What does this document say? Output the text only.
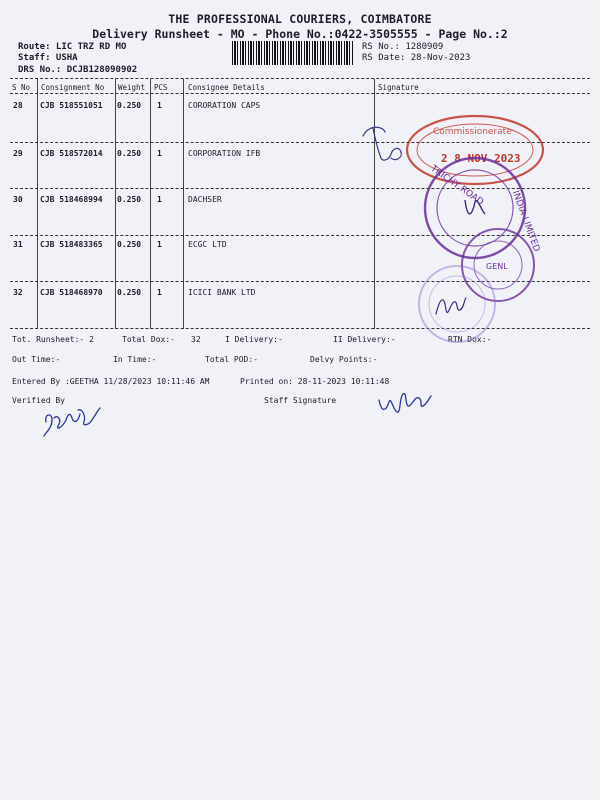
THE PROFESSIONAL COURIERS, COIMBATORE
Delivery Runsheet - MO - Phone No.:0422-3505555 - Page No.:2
Route: LIC TRZ RD MO
Staff: USHA
DRS No.: DCJB128090902
RS No.: 1280909
RS Date: 28-Nov-2023
S No Consignment No Weight PCS	Consignee Details	Signature
28 CJB 518551051 0.250 1	CORORATION CAPS
29 CJB 518572014 0.250 1	CORPORATION IFB
30 CJB 518468994 0.250 1	DACHSER
31 CJB 518483365 0.250 1	ECGC LTD
32 CJB 518468970 0.250 1	ICICI BANK LTD
Tot. Runsheet:- 2	Total Dox:- 32	I Delivery:-	II Delivery:-	RTN Dox:-
Out Time:-	In Time:-	Total POD:-	Delvy Points:-
Entered By :GEETHA 11/28/2023 10:11:46 AM	Printed on: 28-11-2023 10:11:48
Verified By	Staff Signature
Commissionerate
2 8 NOV 2023
TRICHY ROAD
INDIA LIMITED
GENL
